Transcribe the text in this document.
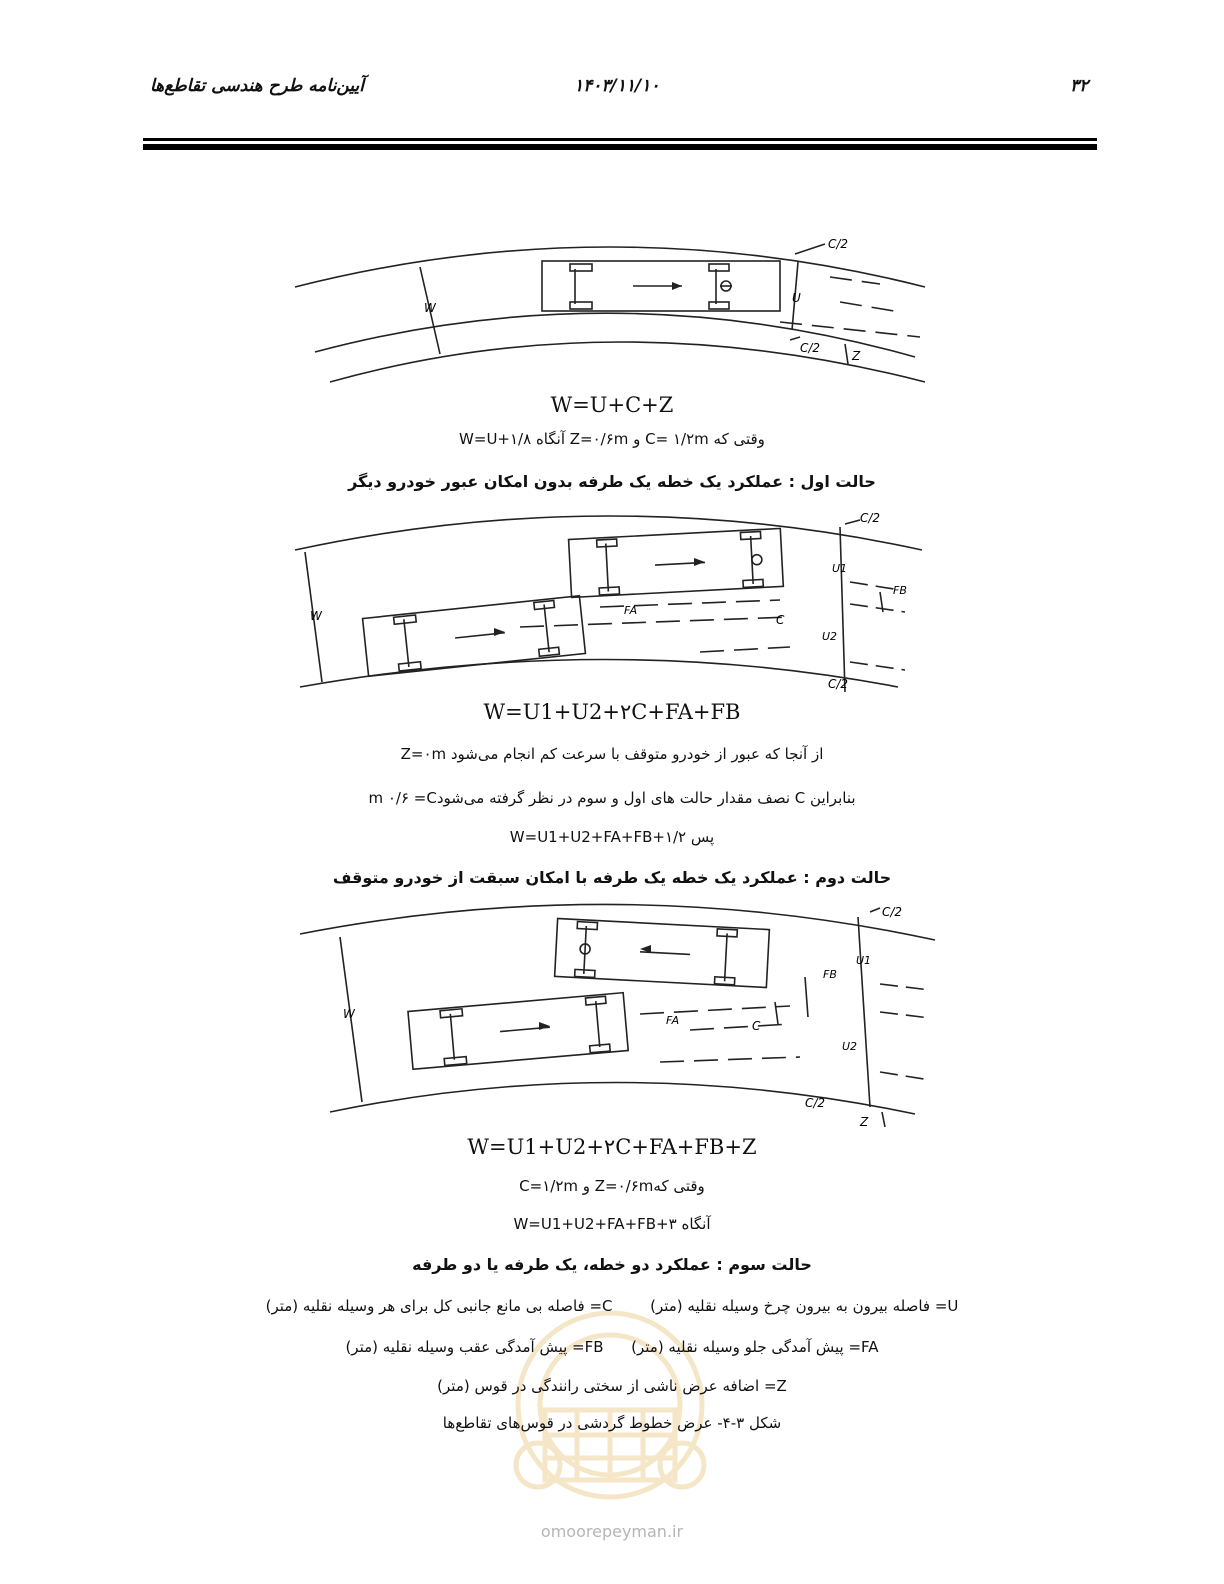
۳۲
۱۴۰۳/۱۱/۱۰
آیین‌نامه طرح هندسی تقاطع‌ها
W
U
C/2
C/2
Z
W=U+C+Z
وقتی که C= ۱/۲m و Z=۰/۶m آنگاه W=U+۱/۸
حالت اول : عملکرد یک خطه یک طرفه بدون امکان عبور خودرو دیگر
W
C/2
U1
FB
FA
C
U2
C/2
W=U1+U2+۲C+FA+FB
از آنجا که عبور از خودرو متوقف با سرعت کم انجام می‌شود Z=۰m
بنابراین C نصف مقدار حالت های اول و سوم در نظر گرفته می‌شودm ۰/۶ =C
پس W=U1+U2+FA+FB+۱/۲
حالت دوم : عملکرد یک خطه یک طرفه با امکان سبقت از خودرو متوقف
W
C/2
U1
FB
FA	C
U2
C/2
Z
W=U1+U2+۲C+FA+FB+Z
وقتی کهZ=۰/۶m و C=۱/۲m
آنگاه W=U1+U2+FA+FB+۳
حالت سوم : عملکرد دو خطه، یک طرفه یا دو طرفه
omoorepeyman.ir
U= فاصله بیرون به بیرون چرخ وسیله نقلیه (متر)  C= فاصله بی مانع جانبی کل برای هر وسیله نقلیه (متر)
FA= پیش آمدگی جلو وسیله نقلیه (متر)  FB= پیش آمدگی عقب وسیله نقلیه (متر)
Z= اضافه عرض ناشی از سختی رانندگی در قوس (متر)
شکل ۳-۴- عرض خطوط گردشی در قوس‌های تقاطع‌ها
